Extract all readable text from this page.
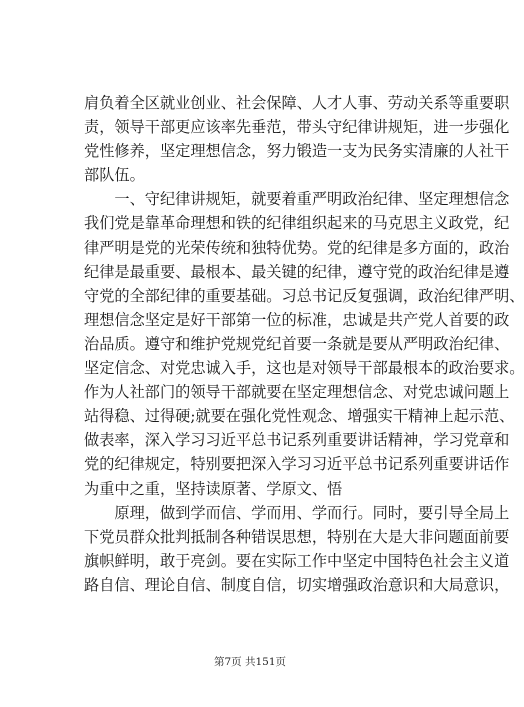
肩负着全区就业创业、社会保障、人才人事、劳动关系等重要职
责，领导干部更应该率先垂范，带头守纪律讲规矩，进一步强化
党性修养，坚定理想信念，努力锻造一支为民务实清廉的人社干
部队伍。
　　一、守纪律讲规矩，就要着重严明政治纪律、坚定理想信念
我们党是靠革命理想和铁的纪律组织起来的马克思主义政党，纪
律严明是党的光荣传统和独特优势。党的纪律是多方面的，政治
纪律是最重要、最根本、最关键的纪律，遵守党的政治纪律是遵
守党的全部纪律的重要基础。习总书记反复强调，政治纪律严明、
理想信念坚定是好干部第一位的标准，忠诚是共产党人首要的政
治品质。遵守和维护党规党纪首要一条就是要从严明政治纪律、
坚定信念、对党忠诚入手，这也是对领导干部最根本的政治要求。
作为人社部门的领导干部就要在坚定理想信念、对党忠诚问题上
站得稳、过得硬;就要在强化党性观念、增强实干精神上起示范、
做表率，深入学习习近平总书记系列重要讲话精神，学习党章和
党的纪律规定，特别要把深入学习习近平总书记系列重要讲话作
为重中之重，坚持读原著、学原文、悟
　　原理，做到学而信、学而用、学而行。同时，要引导全局上
下党员群众批判抵制各种错误思想，特别在大是大非问题面前要
旗帜鲜明，敢于亮剑。要在实际工作中坚定中国特色社会主义道
路自信、理论自信、制度自信，切实增强政治意识和大局意识，
第7页 共151页
